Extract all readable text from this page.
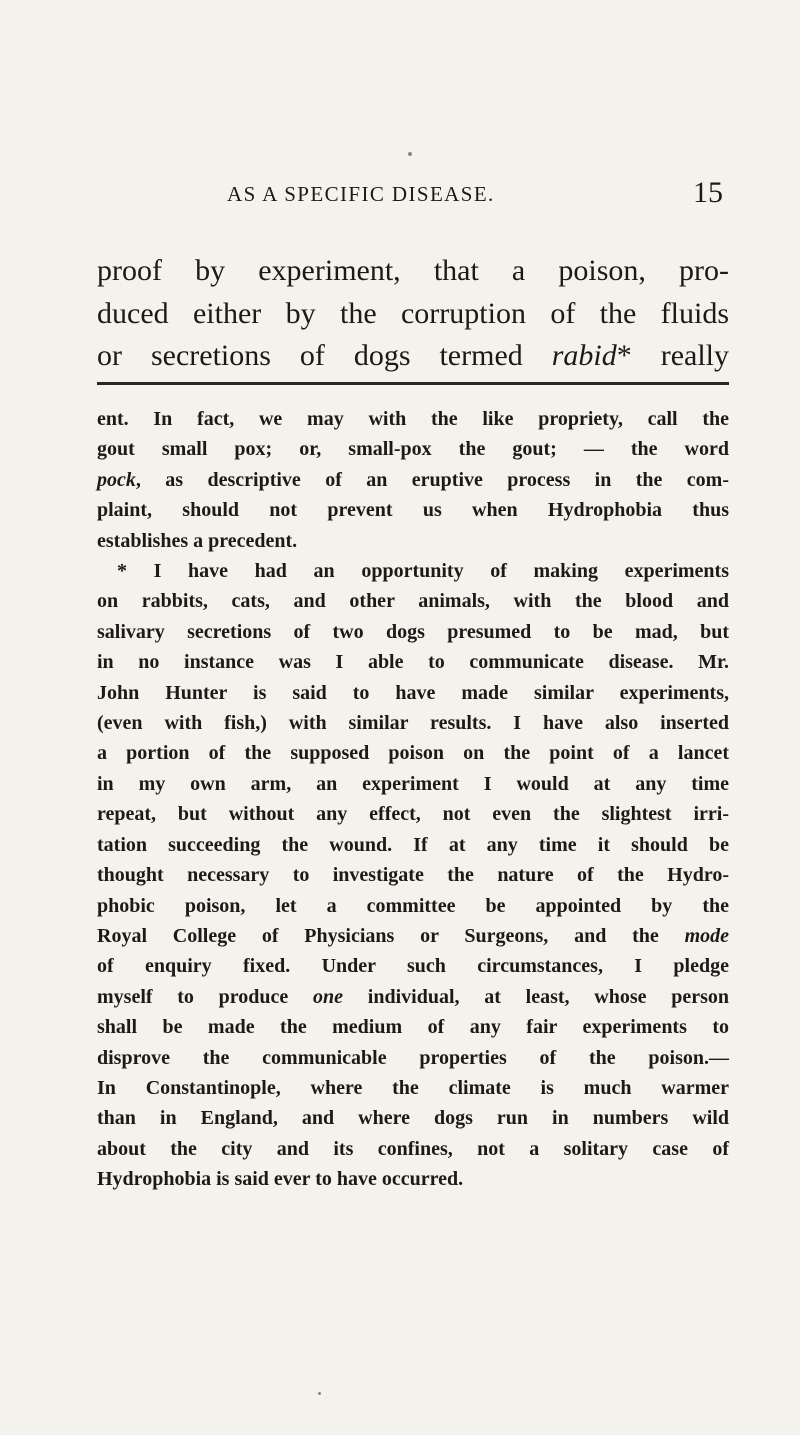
AS A SPECIFIC DISEASE.	15
proof by experiment, that a poison, pro-
duced either by the corruption of the fluids
or secretions of dogs termed rabid* really
ent. In fact, we may with the like propriety, call the
gout small pox; or, small-pox the gout; — the word
pock, as descriptive of an eruptive process in the com-
plaint, should not prevent us when Hydrophobia thus
establishes a precedent.
* I have had an opportunity of making experiments
on rabbits, cats, and other animals, with the blood and
salivary secretions of two dogs presumed to be mad, but
in no instance was I able to communicate disease. Mr.
John Hunter is said to have made similar experiments,
(even with fish,) with similar results. I have also inserted
a portion of the supposed poison on the point of a lancet
in my own arm, an experiment I would at any time
repeat, but without any effect, not even the slightest irri-
tation succeeding the wound. If at any time it should be
thought necessary to investigate the nature of the Hydro-
phobic poison, let a committee be appointed by the
Royal College of Physicians or Surgeons, and the mode
of enquiry fixed. Under such circumstances, I pledge
myself to produce one individual, at least, whose person
shall be made the medium of any fair experiments to
disprove the communicable properties of the poison.—
In Constantinople, where the climate is much warmer
than in England, and where dogs run in numbers wild
about the city and its confines, not a solitary case of
Hydrophobia is said ever to have occurred.
